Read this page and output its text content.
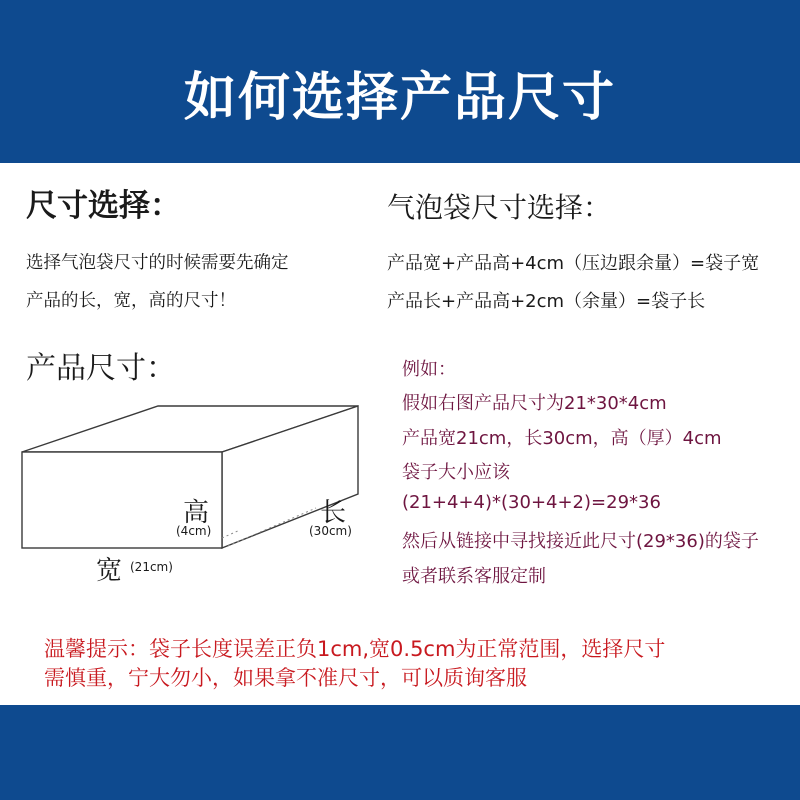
如何选择产品尺寸
尺寸选择：
选择气泡袋尺寸的时候需要先确定
产品的长，宽，高的尺寸！
气泡袋尺寸选择：
产品宽+产品高+4cm（压边跟余量）=袋子宽
产品长+产品高+2cm（余量）=袋子长
产品尺寸：
高
(4cm)
长
(30cm)
宽 (21cm)
例如：
假如右图产品尺寸为21*30*4cm
产品宽21cm，长30cm，高（厚）4cm
袋子大小应该
(21+4+4)*(30+4+2)=29*36
然后从链接中寻找接近此尺寸(29*36)的袋子
或者联系客服定制
温馨提示：袋子长度误差正负1cm,宽0.5cm为正常范围，选择尺寸
需慎重，宁大勿小，如果拿不准尺寸，可以质询客服
